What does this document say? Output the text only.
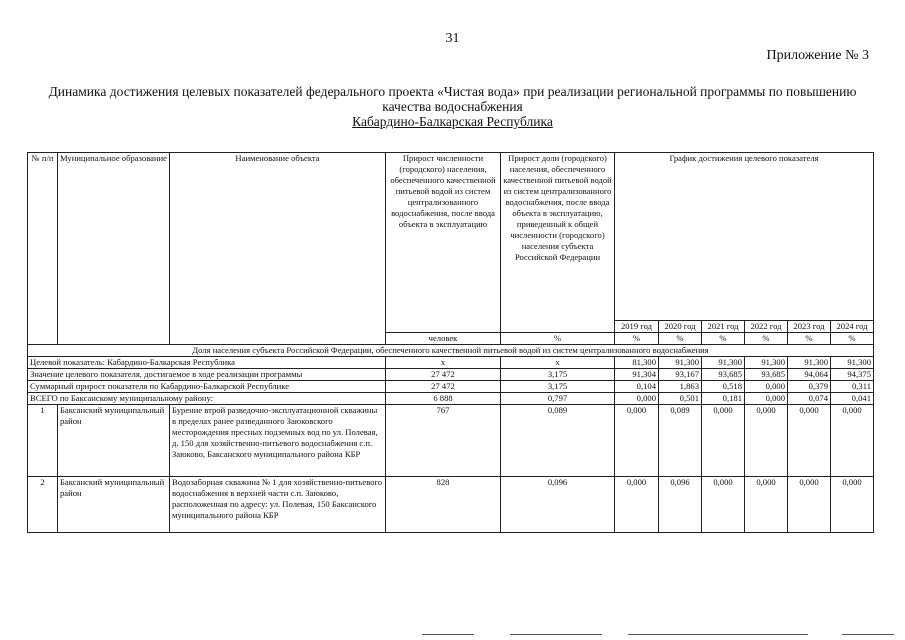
31
Приложение № 3
Динамика достижения целевых показателей федерального проекта «Чистая вода» при реализации региональной программы по повышению
качества водоснабжения
Кабардино-Балкарская Республика
№ п/п	Муниципальное образование	Наименование объекта	Прирост численности (городского) населения, обеспеченного качественной питьевой водой из систем централизованного водоснабжения, после ввода объекта в эксплуатацию	Прирост доли (городского) населения, обеспеченного качественной питьевой водой из систем централизованного водоснабжения, после ввода объекта в эксплуатацию, приведенный к общей численности (городского) населения субъекта Российской Федерации	График достижения целевого показателя					
					2019 год	2020 год	2021 год	2022 год	2023 год	2024 год
			человек	%	%	%	%	%	%	%
Доля населения субъекта Российской Федерации, обеспеченного качественной питьевой водой из систем централизованного водоснабжения										
Целевой показатель: Кабардино-Балкарская Республика			х	х	81,300	91,300	91,300	91,300	91,300	91,300
Значение целевого показателя, достигаемое в ходе реализации программы			27 472	3,175	91,304	93,167	93,685	93,685	94,064	94,375
Суммарный прирост показателя по Кабардино-Балкарской Республике			27 472	3,175	0,104	1,863	0,518	0,000	0,379	0,311
ВСЕГО по Баксанскому муниципальному району:			6 888	0,797	0,000	0,501	0,181	0,000	0,074	0,041
1	Баксанский муниципальный район	Бурение втрой разведочно-эксплуатационной скважины в пределах ранее разведанного Заюковского месторождения пресных подземных вод по ул. Полевая, д. 150 для хозяйственно-питьевого водоснабжения с.п. Заюково, Баксанского муниципального района КБР	767	0,089	0,000	0,089	0,000	0,000	0,000	0,000
2	Баксанский муниципальный район	Водозаборная скважина № 1 для хозяйственно-питьевого водоснабжения в верхней части с.п. Заюково, расположенная по адресу: ул. Полевая, 150 Баксанского муниципального района КБР	828	0,096	0,000	0,096	0,000	0,000	0,000	0,000
